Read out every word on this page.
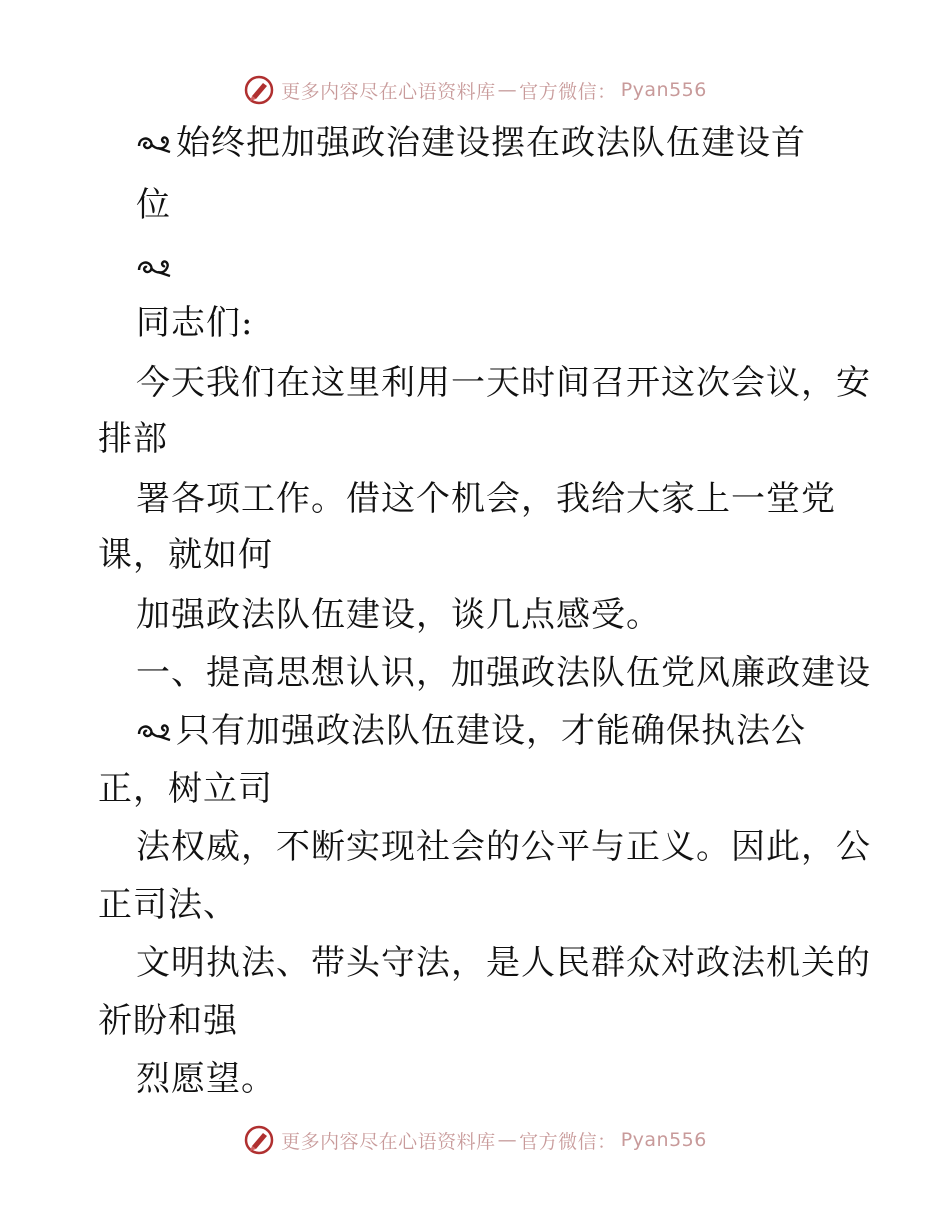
更多内容尽在心语资料库 — 官方微信： Pyan556
始终把加强政治建设摆在政法队伍建设首
位
同志们:
今天我们在这里利用一天时间召开这次会议，安
排部
署各项工作。借这个机会，我给大家上一堂党
课，就如何
加强政法队伍建设，谈几点感受。
一、提高思想认识，加强政法队伍党风廉政建设
只有加强政法队伍建设，才能确保执法公
正，树立司
法权威，不断实现社会的公平与正义。因此，公
正司法、
文明执法、带头守法，是人民群众对政法机关的
祈盼和强
烈愿望。
更多内容尽在心语资料库 — 官方微信： Pyan556
